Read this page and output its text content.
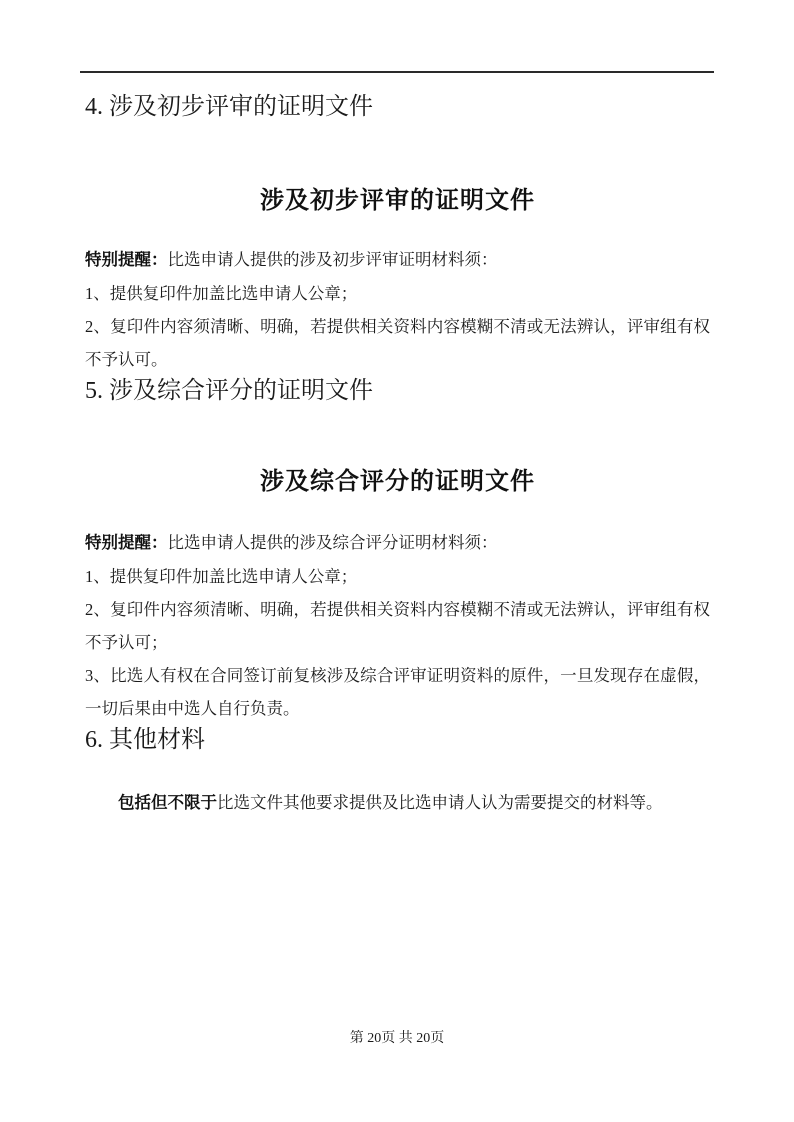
4. 涉及初步评审的证明文件
涉及初步评审的证明文件

特别提醒：比选申请人提供的涉及初步评审证明材料须：

1、提供复印件加盖比选申请人公章；

2、复印件内容须清晰、明确，若提供相关资料内容模糊不清或无法辨认，评审组有权不予认可。

5. 涉及综合评分的证明文件
涉及综合评分的证明文件

特别提醒：比选申请人提供的涉及综合评分证明材料须：

1、提供复印件加盖比选申请人公章；

2、复印件内容须清晰、明确，若提供相关资料内容模糊不清或无法辨认，评审组有权不予认可；

3、比选人有权在合同签订前复核涉及综合评审证明资料的原件，一旦发现存在虚假，一切后果由中选人自行负责。

6. 其他材料

包括但不限于比选文件其他要求提供及比选申请人认为需要提交的材料等。

第 20页 共 20页
